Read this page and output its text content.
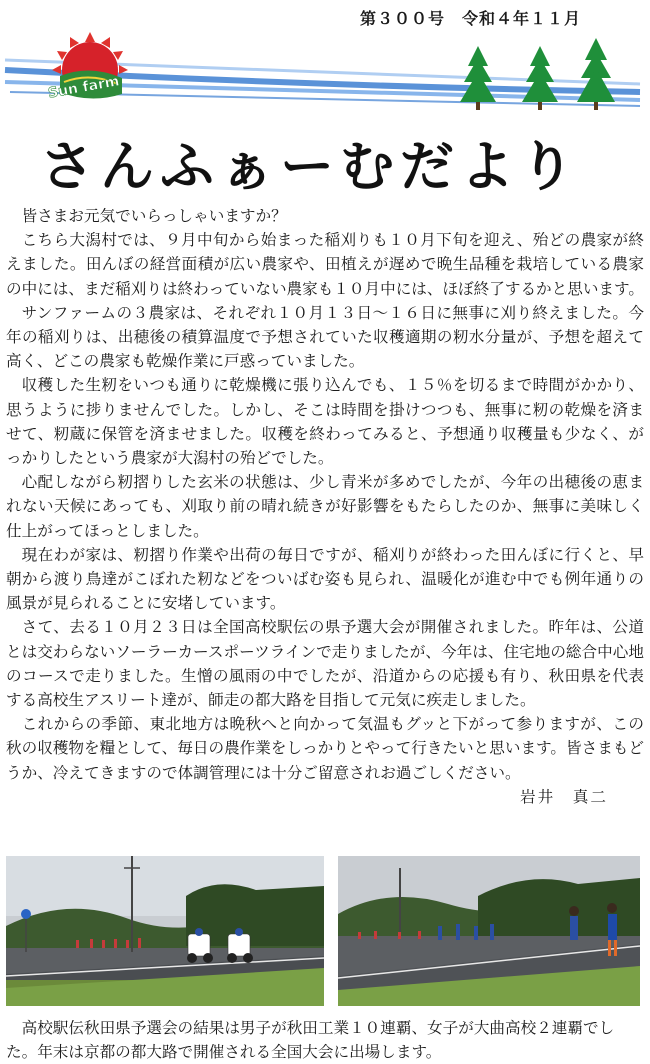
第３００号　令和４年１１月
Sun farm
さんふぁーむだより

皆さまお元気でいらっしゃいますか？

こちら大潟村では、９月中旬から始まった稲刈りも１０月下旬を迎え、殆どの農家が終えました。田んぼの経営面積が広い農家や、田植えが遅めで晩生品種を栽培している農家の中には、まだ稲刈りは終わっていない農家も１０月中には、ほぼ終了するかと思います。

サンファームの３農家は、それぞれ１０月１３日～１６日に無事に刈り終えました。今年の稲刈りは、出穂後の積算温度で予想されていた収穫適期の籾水分量が、予想を超えて高く、どこの農家も乾燥作業に戸惑っていました。

収穫した生籾をいつも通りに乾燥機に張り込んでも、１５％を切るまで時間がかかり、思うように捗りませんでした。しかし、そこは時間を掛けつつも、無事に籾の乾燥を済ませて、籾蔵に保管を済ませました。収穫を終わってみると、予想通り収穫量も少なく、がっかりしたという農家が大潟村の殆どでした。

心配しながら籾摺りした玄米の状態は、少し青米が多めでしたが、今年の出穂後の恵まれない天候にあっても、刈取り前の晴れ続きが好影響をもたらしたのか、無事に美味しく仕上がってほっとしました。

現在わが家は、籾摺り作業や出荷の毎日ですが、稲刈りが終わった田んぼに行くと、早朝から渡り鳥達がこぼれた籾などをついばむ姿も見られ、温暖化が進む中でも例年通りの風景が見られることに安堵しています。

さて、去る１０月２３日は全国高校駅伝の県予選大会が開催されました。昨年は、公道とは交わらないソーラーカースポーツラインで走りましたが、今年は、住宅地の総合中心地のコースで走りました。生憎の風雨の中でしたが、沿道からの応援も有り、秋田県を代表する高校生アスリート達が、師走の都大路を目指して元気に疾走しました。

これからの季節、東北地方は晩秋へと向かって気温もグッと下がって参りますが、この秋の収穫物を糧として、毎日の農作業をしっかりとやって行きたいと思います。皆さまもどうか、冷えてきますので体調管理には十分ご留意されお過ごしください。

岩井　真二
高校駅伝秋田県予選会の結果は男子が秋田工業１０連覇、女子が大曲高校２連覇でした。年末は京都の都大路で開催される全国大会に出場します。
